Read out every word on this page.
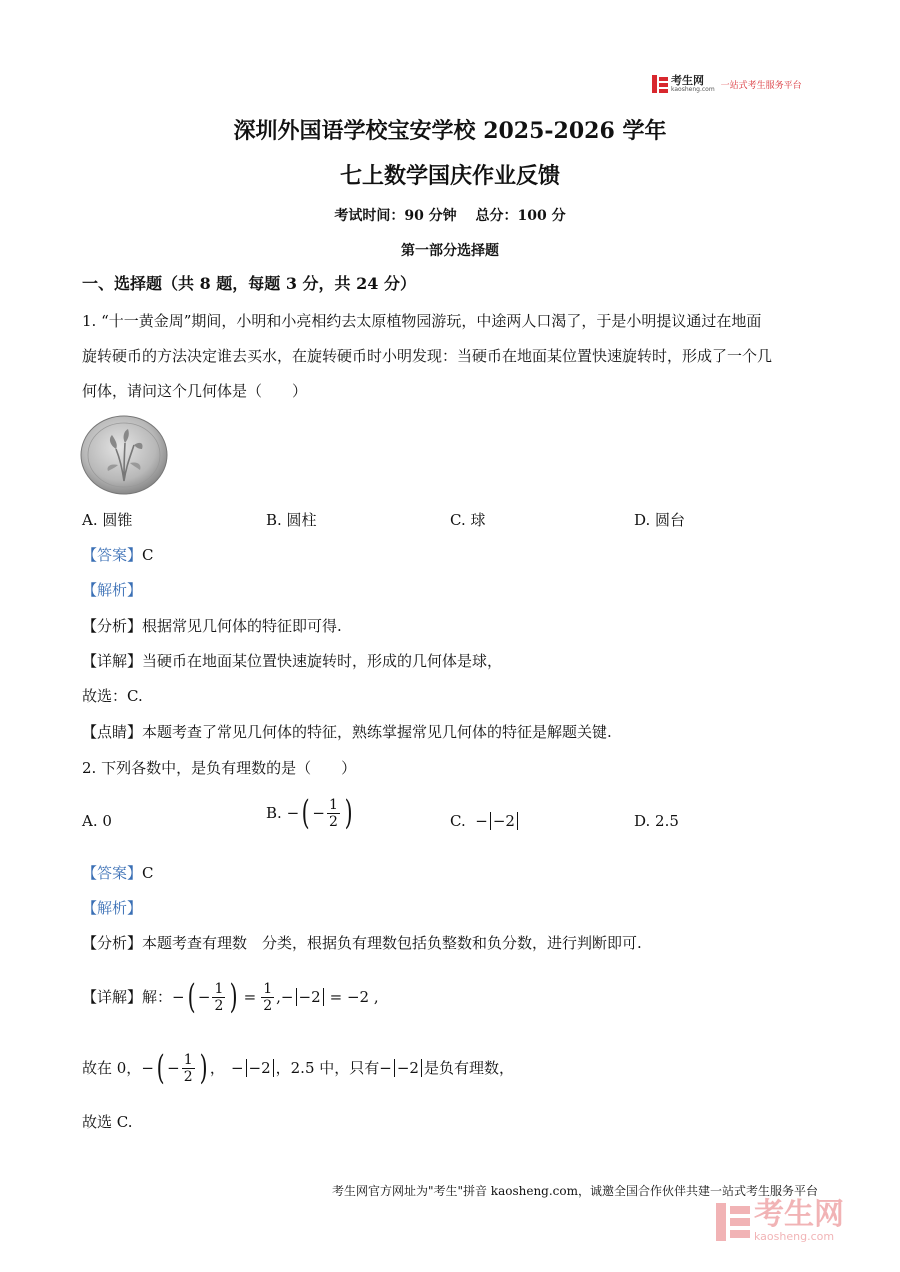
考生网
kaosheng.com 一站式考生服务平台
深圳外国语学校宝安学校 2025-2026 学年
七上数学国庆作业反馈
考试时间：90 分钟　 总分：100 分
第一部分选择题
一、选择题（共 8 题，每题 3 分，共 24 分）
1. “十一黄金周”期间，小明和小亮相约去太原植物园游玩，中途两人口渴了，于是小明提议通过在地面
旋转硬币的方法决定谁去买水，在旋转硬币时小明发现：当硬币在地面某位置快速旋转时，形成了一个几
何体，请问这个几何体是（　　）
A. 圆锥	B. 圆柱	C. 球	D. 圆台
【答案】C
【解析】
【分析】根据常见几何体的特征即可得.
【详解】当硬币在地面某位置快速旋转时，形成的几何体是球，
故选：C.
【点睛】本题考查了常见几何体的特征，熟练掌握常见几何体的特征是解题关键.
2. 下列各数中，是负有理数的是（　　）
A. 0	B.
− ( − $\frac{1}{2}$ )	C.
− − 2	D. 2.5
【答案】C
【解析】
【分析】本题考查有理数　分类，根据负有理数包括负整数和负分数，进行判断即可.
【详解】 解： − ( − $\frac{1}{2}$ ) = $\frac{1}{2}$ , − − 2 = −2 ,
故在 0， − ( − $\frac{1}{2}$ ) ， − − 2 ，2.5 中，只有 − − 2 是负有理数，
故选 C.
考生网官方网址为"考生"拼音 kaosheng.com，诚邀全国合作伙伴共建一站式考生服务平台
考生网
kaosheng.com
